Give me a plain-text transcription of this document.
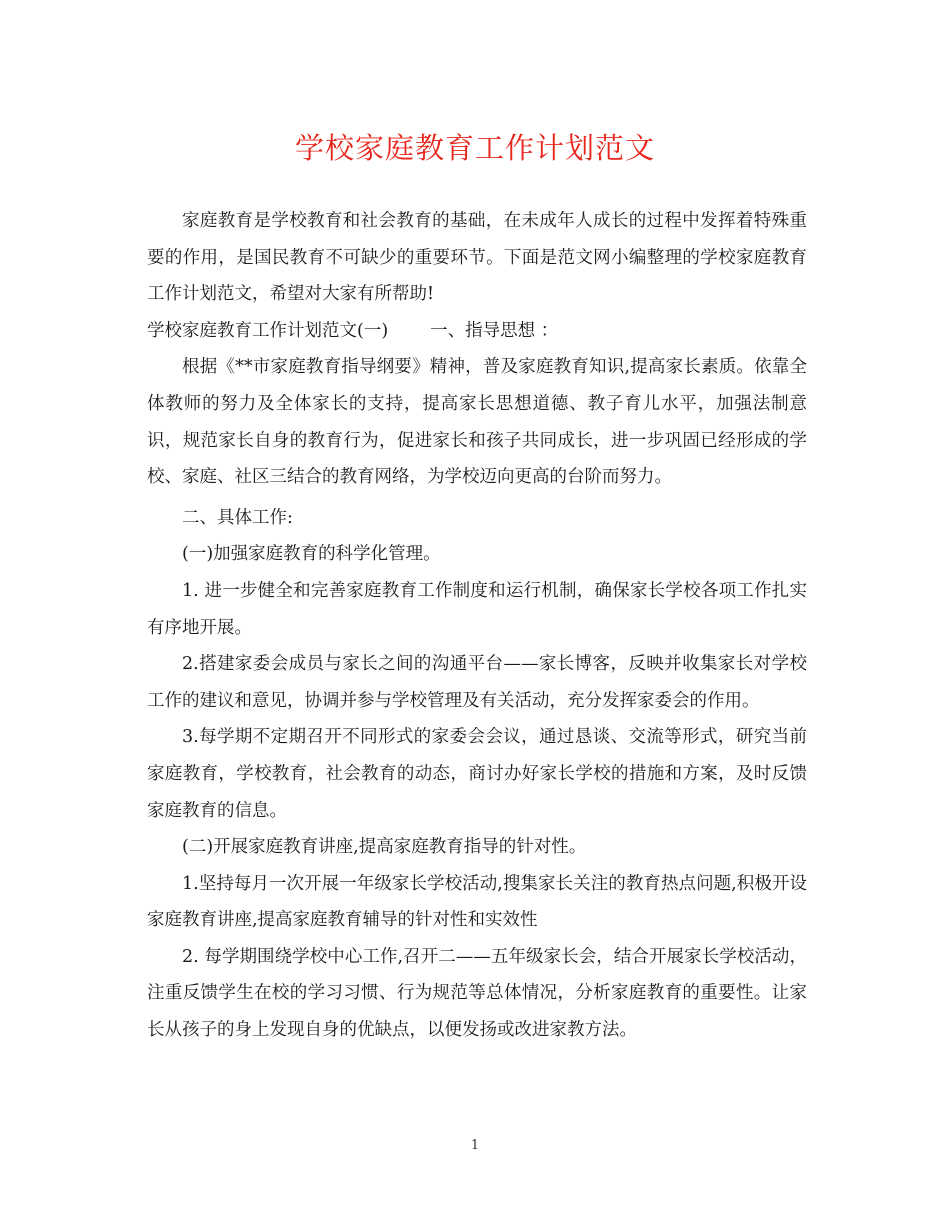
学校家庭教育工作计划范文

家庭教育是学校教育和社会教育的基础，在未成年人成长的过程中发挥着特殊重要的作用，是国民教育不可缺少的重要环节。下面是范文网小编整理的学校家庭教育工作计划范文，希望对大家有所帮助!

学校家庭教育工作计划范文(一) 一、指导思想 ：

根据《**市家庭教育指导纲要》精神，普及家庭教育知识,提高家长素质。依靠全体教师的努力及全体家长的支持，提高家长思想道德、教子育儿水平，加强法制意识，规范家长自身的教育行为，促进家长和孩子共同成长，进一步巩固已经形成的学校、家庭、社区三结合的教育网络，为学校迈向更高的台阶而努力。

二、具体工作:

(一)加强家庭教育的科学化管理。

1. 进一步健全和完善家庭教育工作制度和运行机制，确保家长学校各项工作扎实有序地开展。

2.搭建家委会成员与家长之间的沟通平台——家长博客，反映并收集家长对学校工作的建议和意见，协调并参与学校管理及有关活动，充分发挥家委会的作用。

3.每学期不定期召开不同形式的家委会会议，通过恳谈、交流等形式，研究当前家庭教育，学校教育，社会教育的动态，商讨办好家长学校的措施和方案，及时反馈家庭教育的信息。

(二)开展家庭教育讲座,提高家庭教育指导的针对性。

1.坚持每月一次开展一年级家长学校活动,搜集家长关注的教育热点问题,积极开设家庭教育讲座,提高家庭教育辅导的针对性和实效性

2. 每学期围绕学校中心工作,召开二——五年级家长会，结合开展家长学校活动，注重反馈学生在校的学习习惯、行为规范等总体情况，分析家庭教育的重要性。让家长从孩子的身上发现自身的优缺点，以便发扬或改进家教方法。

1
